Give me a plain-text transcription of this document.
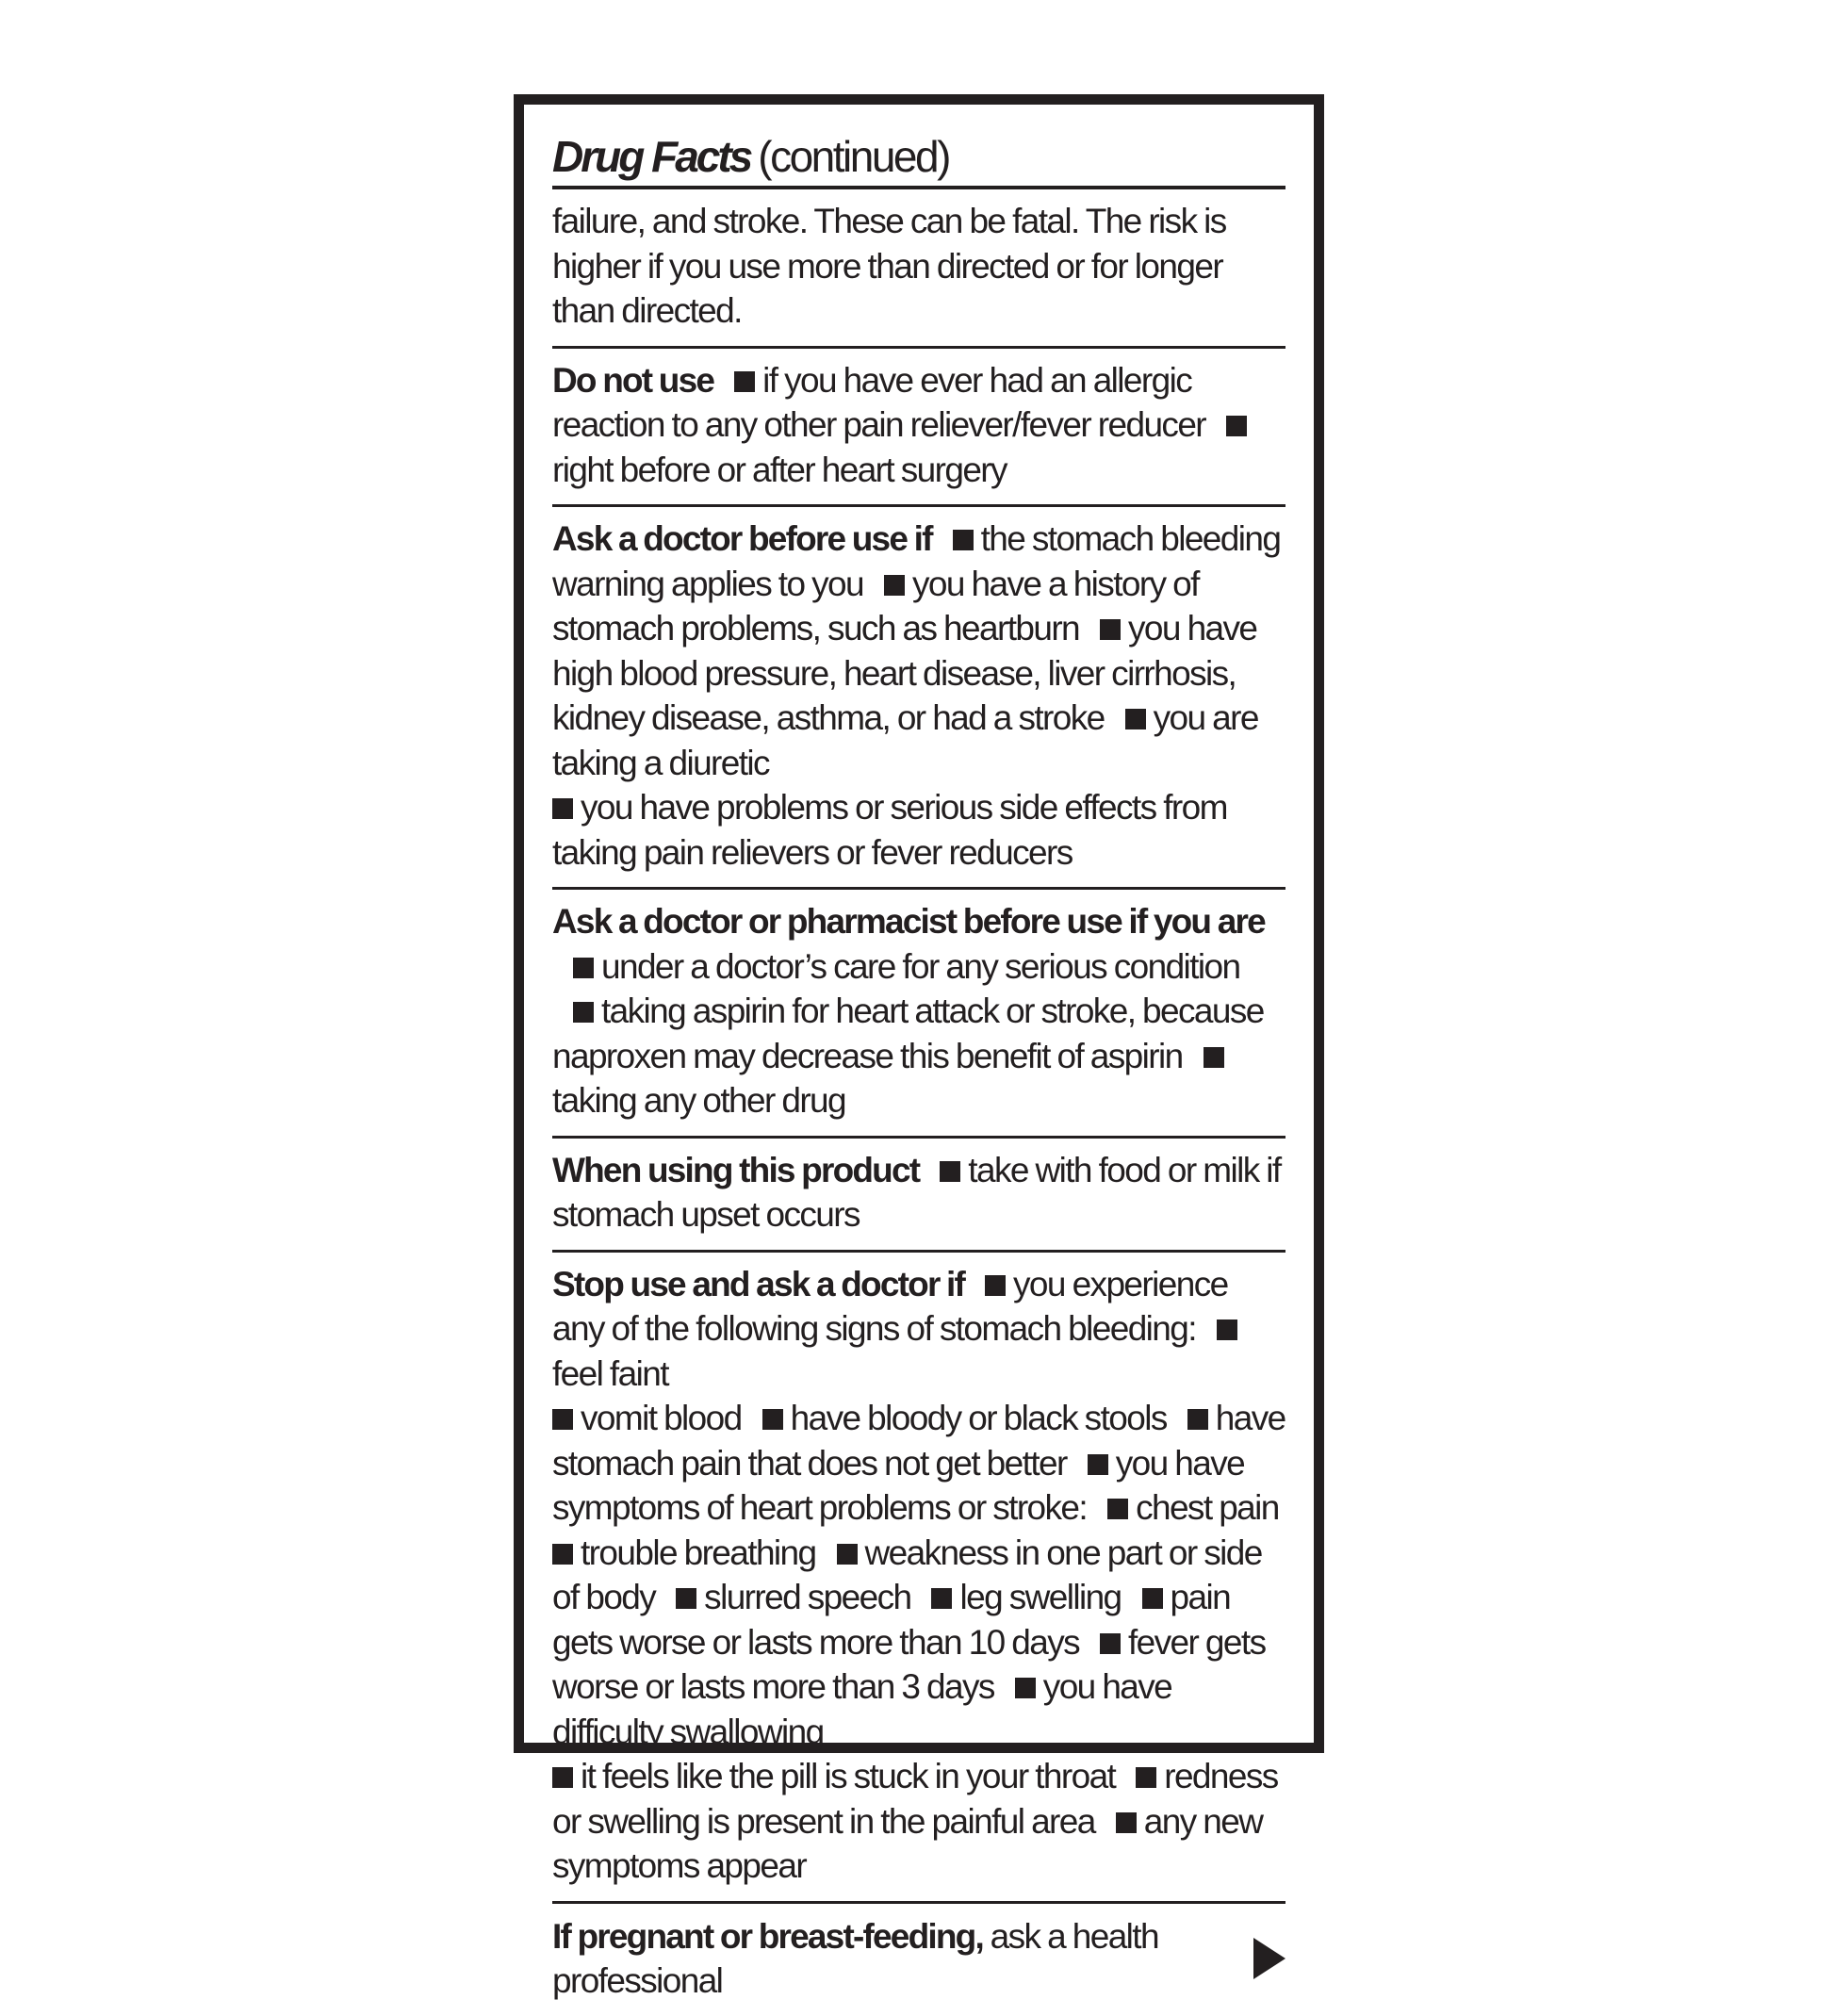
Drug Facts (continued)
failure, and stroke. These can be fatal. The risk is higher if you use more than directed or for longer than directed.
Do not use if you have ever had an allergic reaction to any other pain reliever/fever reducerright before or after heart surgery
Ask a doctor before use if the stomach bleeding warning applies to you you have a history of stomach problems, such as heartburn you have high blood pressure, heart disease, liver cirrhosis, kidney disease, asthma, or had a stroke you are taking a diuretic
you have problems or serious side effects from taking pain relievers or fever reducers
Ask a doctor or pharmacist before use if you areunder a doctor’s care for any serious conditiontaking aspirin for heart attack or stroke, because naproxen may decrease this benefit of aspirintaking any other drug
When using this product take with food or milk if stomach upset occurs
Stop use and ask a doctor if you experience any of the following signs of stomach bleeding:feel faint
vomit blood have bloody or black stools have stomach pain that does not get better you have symptoms of heart problems or stroke: chest pain
trouble breathing weakness in one part or side of body slurred speech leg swelling pain gets worse or lasts more than 10 days fever gets worse or lasts more than 3 days you have difficulty swallowing
it feels like the pill is stuck in your throat redness or swelling is present in the painful area any new symptoms appear
If pregnant or breast-feeding, ask a health professional
